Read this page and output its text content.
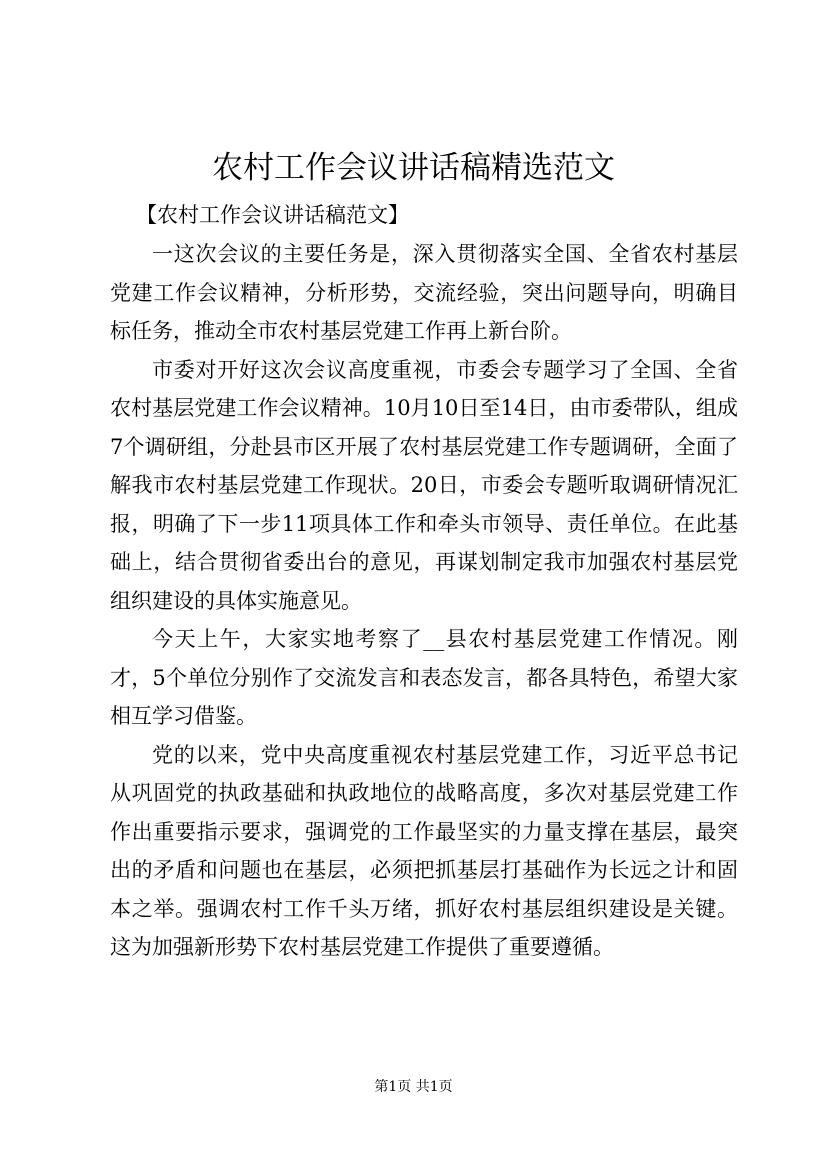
农村工作会议讲话稿精选范文
【农村工作会议讲话稿范文】

一这次会议的主要任务是，深入贯彻落实全国、全省农村基层党建工作会议精神，分析形势，交流经验，突出问题导向，明确目标任务，推动全市农村基层党建工作再上新台阶。

市委对开好这次会议高度重视，市委会专题学习了全国、全省农村基层党建工作会议精神。10月10日至14日，由市委带队，组成7个调研组，分赴县市区开展了农村基层党建工作专题调研，全面了解我市农村基层党建工作现状。20日，市委会专题听取调研情况汇报，明确了下一步11项具体工作和牵头市领导、责任单位。在此基础上，结合贯彻省委出台的意见，再谋划制定我市加强农村基层党组织建设的具体实施意见。

今天上午，大家实地考察了__县农村基层党建工作情况。刚才，5个单位分别作了交流发言和表态发言，都各具特色，希望大家相互学习借鉴。

党的以来，党中央高度重视农村基层党建工作，习近平总书记从巩固党的执政基础和执政地位的战略高度，多次对基层党建工作作出重要指示要求，强调党的工作最坚实的力量支撑在基层，最突出的矛盾和问题也在基层，必须把抓基层打基础作为长远之计和固本之举。强调农村工作千头万绪，抓好农村基层组织建设是关键。这为加强新形势下农村基层党建工作提供了重要遵循。

第1页 共1页
